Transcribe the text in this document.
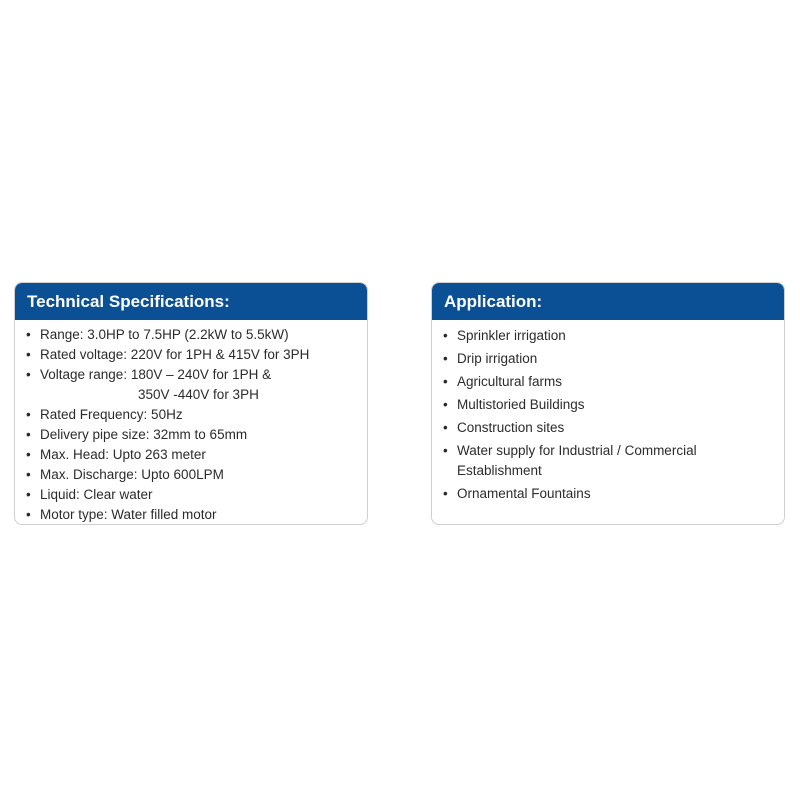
Technical Specifications:
• Range: 3.0HP to 7.5HP (2.2kW to 5.5kW)
• Rated voltage: 220V for 1PH & 415V for 3PH
• Voltage range: 180V – 240V for 1PH &
350V -440V for 3PH
• Rated Frequency: 50Hz
• Delivery pipe size: 32mm to 65mm
• Max. Head: Upto 263 meter
• Max. Discharge: Upto 600LPM
• Liquid: Clear water
• Motor type: Water filled motor
Application:
• Sprinkler irrigation
• Drip irrigation
• Agricultural farms
• Multistoried Buildings
• Construction sites
• Water supply for Industrial / Commercial
Establishment
• Ornamental Fountains
